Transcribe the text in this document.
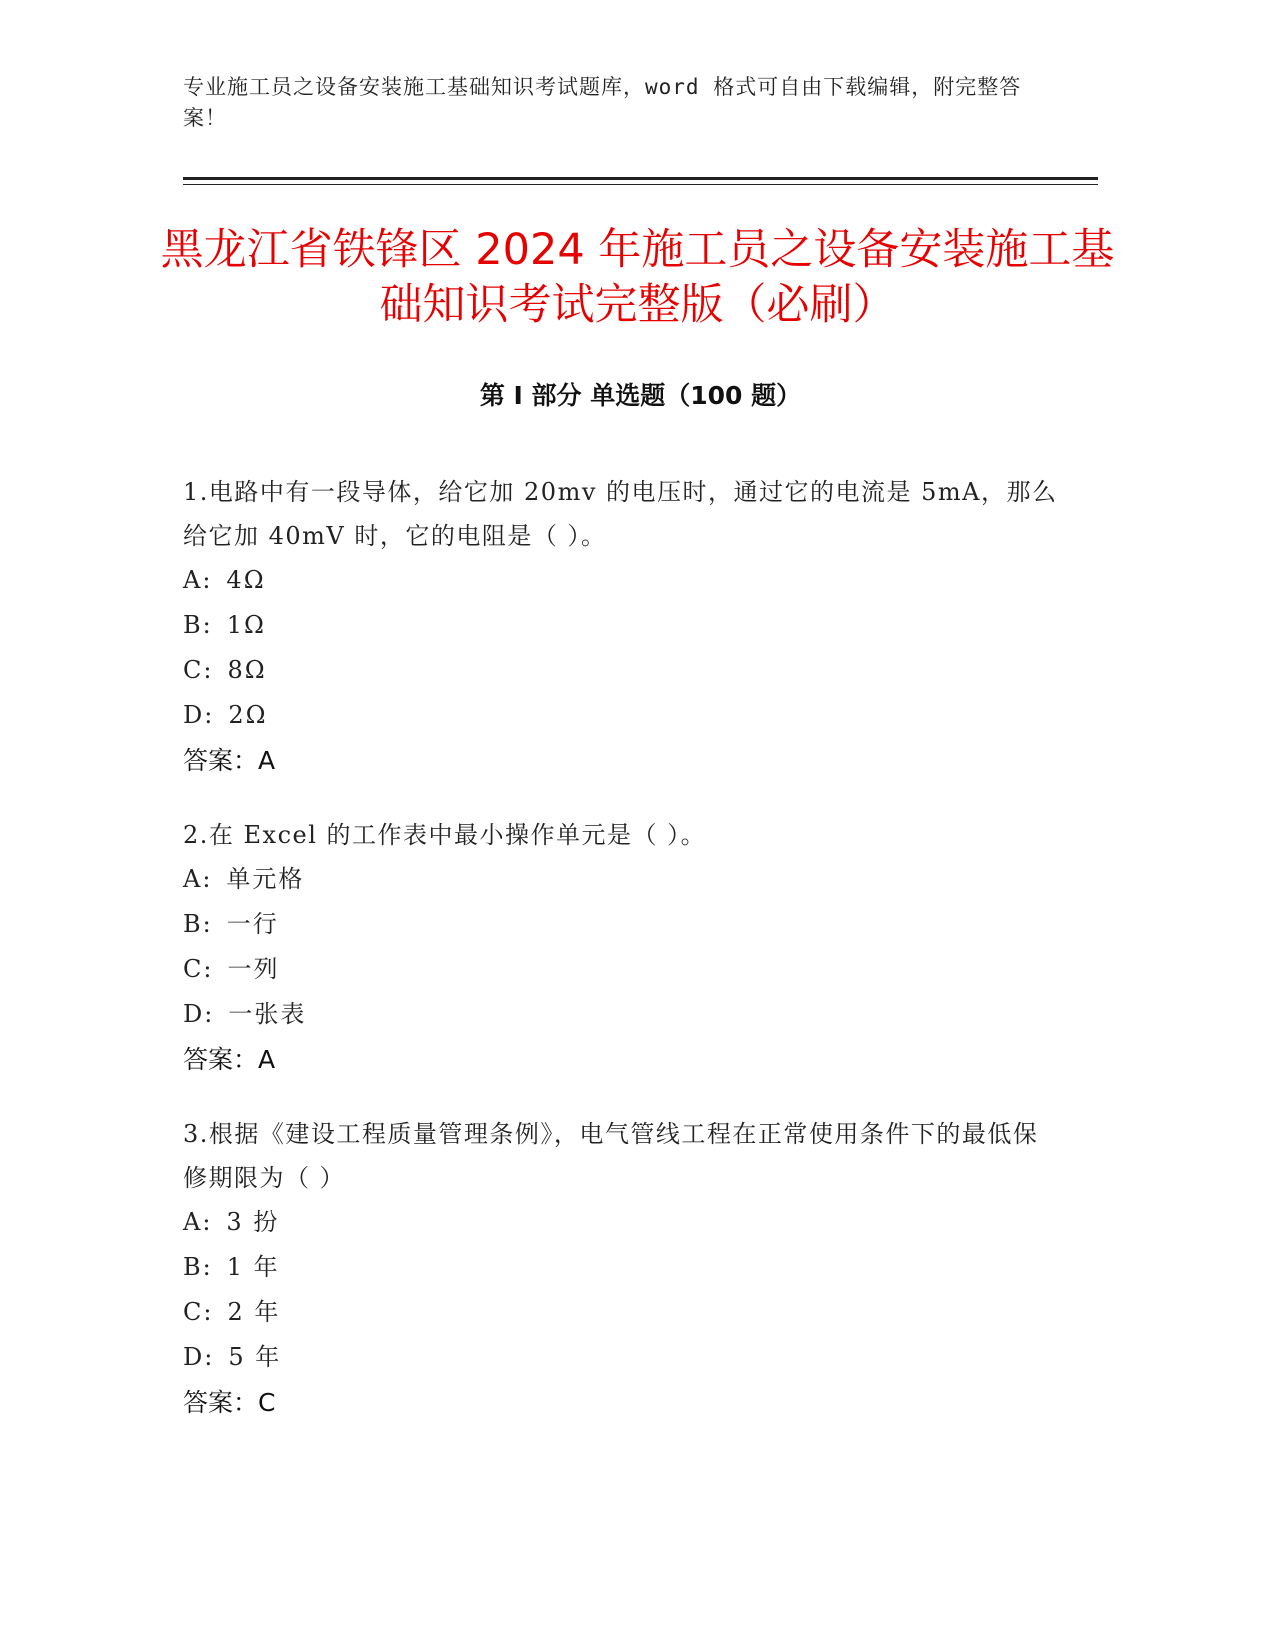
专业施工员之设备安装施工基础知识考试题库，word 格式可自由下载编辑，附完整答案！
黑龙江省铁锋区 2024 年施工员之设备安装施工基础知识考试完整版（必刷）
第 I 部分 单选题（100 题）
1.电路中有一段导体，给它加 20mv 的电压时，通过它的电流是 5mA，那么给它加 40mV 时，它的电阻是（ ）。
A: 4Ω
B: 1Ω
C: 8Ω
D: 2Ω
答案：A
2.在 Excel 的工作表中最小操作单元是（ ）。
A: 单元格
B: 一行
C: 一列
D: 一张表
答案：A
3.根据《建设工程质量管理条例》，电气管线工程在正常使用条件下的最低保修期限为（ ）
A: 3 扮
B: 1 年
C: 2 年
D: 5 年
答案：C
